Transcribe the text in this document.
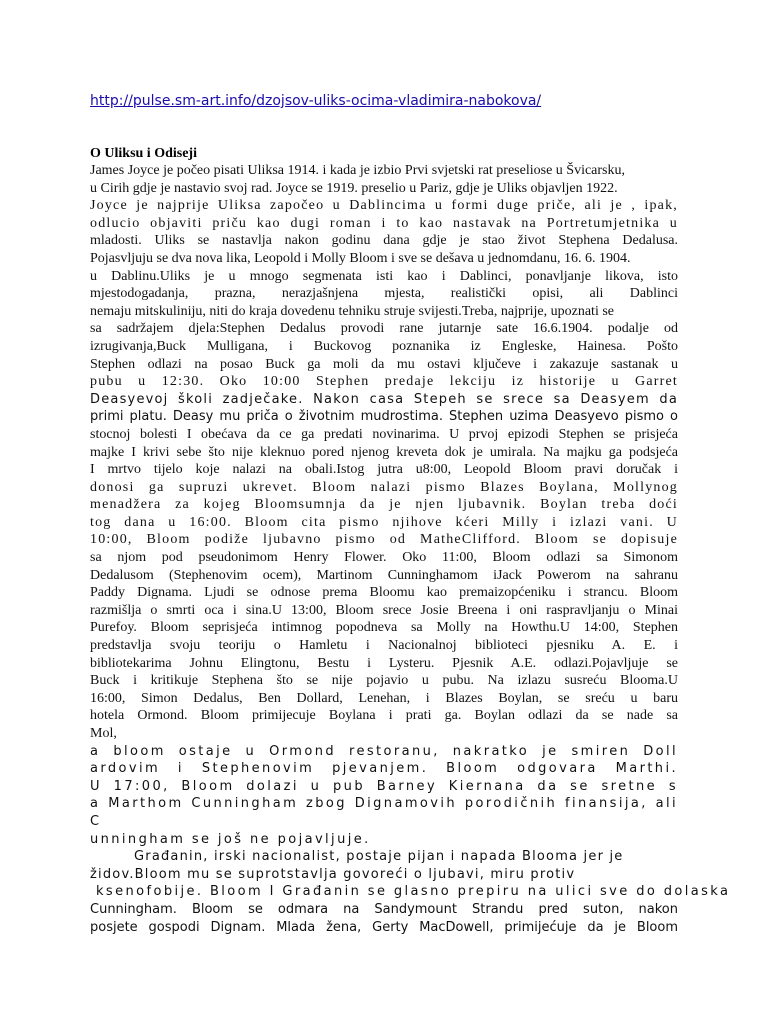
http://pulse.sm-art.info/dzojsov-uliks-ocima-vladimira-nabokova/
O Uliksu i Odiseji
James Joyce je počeo pisati Uliksa 1914. i kada je izbio Prvi svjetski rat preseliose u Švicarsku,
u Cirih gdje je nastavio svoj rad. Joyce se 1919. preselio u Pariz, gdje je Uliks objavljen 1922.
Joyce je najprije Uliksa započeo u Dablincima u formi duge priče, ali je , ipak,
odlucio objaviti priču kao dugi roman i to kao nastavak na Portretumjetnika u
mladosti. Uliks se nastavlja nakon godinu dana gdje je stao život Stephena Dedalusa.
Pojasvljuju se dva nova lika, Leopold i Molly Bloom i sve se dešava u jednomdanu, 16. 6. 1904.
u Dablinu.Uliks je u mnogo segmenata isti kao i Dablinci, ponavljanje likova, isto
mjestodogadanja, prazna, nerazjašnjena mjesta, realistički opisi, ali Dablinci
nemaju mitskuliniju, niti do kraja dovedenu tehniku struje svijesti.Treba, najprije, upoznati se
sa sadržajem djela:Stephen Dedalus provodi rane jutarnje sate 16.6.1904. podalje od
izrugivanja,Buck Mulligana, i Buckovog poznanika iz Engleske, Hainesa. Pošto
Stephen odlazi na posao Buck ga moli da mu ostavi ključeve i zakazuje sastanak u
pubu u 12:30. Oko 10:00 Stephen predaje lekciju iz historije u Garret
Deasyevoj školi zadječake. Nakon casa Stepeh se srece sa Deasyem da
primi platu. Deasy mu priča o životnim mudrostima. Stephen uzima Deasyevo pismo o
stocnoj bolesti I obećava da ce ga predati novinarima. U prvoj epizodi Stephen se prisjeća
majke I krivi sebe što nije kleknuo pored njenog kreveta dok je umirala. Na majku ga podsjeća
I mrtvo tijelo koje nalazi na obali.Istog jutra u8:00, Leopold Bloom pravi doručak i
donosi ga supruzi ukrevet. Bloom nalazi pismo Blazes Boylana, Mollynog
menadžera za kojeg Bloomsumnja da je njen ljubavnik. Boylan treba doći
tog dana u 16:00. Bloom cita pismo njihove kćeri Milly i izlazi vani. U
10:00, Bloom podiže ljubavno pismo od MatheClifford. Bloom se dopisuje
sa njom pod pseudonimom Henry Flower. Oko 11:00, Bloom odlazi sa Simonom
Dedalusom (Stephenovim ocem), Martinom Cunninghamom iJack Powerom na sahranu
Paddy Dignama. Ljudi se odnose prema Bloomu kao premaizopćeniku i strancu. Bloom
razmišlja o smrti oca i sina.U 13:00, Bloom srece Josie Breena i oni raspravljanju o Minai
Purefoy. Bloom seprisjeća intimnog popodneva sa Molly na Howthu.U 14:00, Stephen
predstavlja svoju teoriju o Hamletu i Nacionalnoj biblioteci pjesniku A. E. i
bibliotekarima Johnu Elingtonu, Bestu i Lysteru. Pjesnik A.E. odlazi.Pojavljuje se
Buck i kritikuje Stephena što se nije pojavio u pubu. Na izlazu susreću Blooma.U
16:00, Simon Dedalus, Ben Dollard, Lenehan, i Blazes Boylan, se sreću u baru
hotela Ormond. Bloom primijecuje Boylana i prati ga. Boylan odlazi da se nade sa
Mol,
a bloom ostaje u Ormond restoranu, nakratko je smiren Doll
ardovim i Stephenovim pjevanjem. Bloom odgovara Marthi.
U 17:00, Bloom dolazi u pub Barney Kiernana da se sretne s
a Marthom Cunningham zbog Dignamovih porodičnih finansija, ali C
unningham se još ne pojavljuje.
Građanin, irski nacionalist, postaje pijan i napada Blooma jer je
židov.Bloom mu se suprotstavlja govoreći o ljubavi, miru protiv
ksenofobije. Bloom I Građanin se glasno prepiru na ulici sve do dolaska
Cunningham. Bloom se odmara na Sandymount Strandu pred suton, nakon
posjete gospodi Dignam. Mlada žena, Gerty MacDowell, primijećuje da je Bloom
